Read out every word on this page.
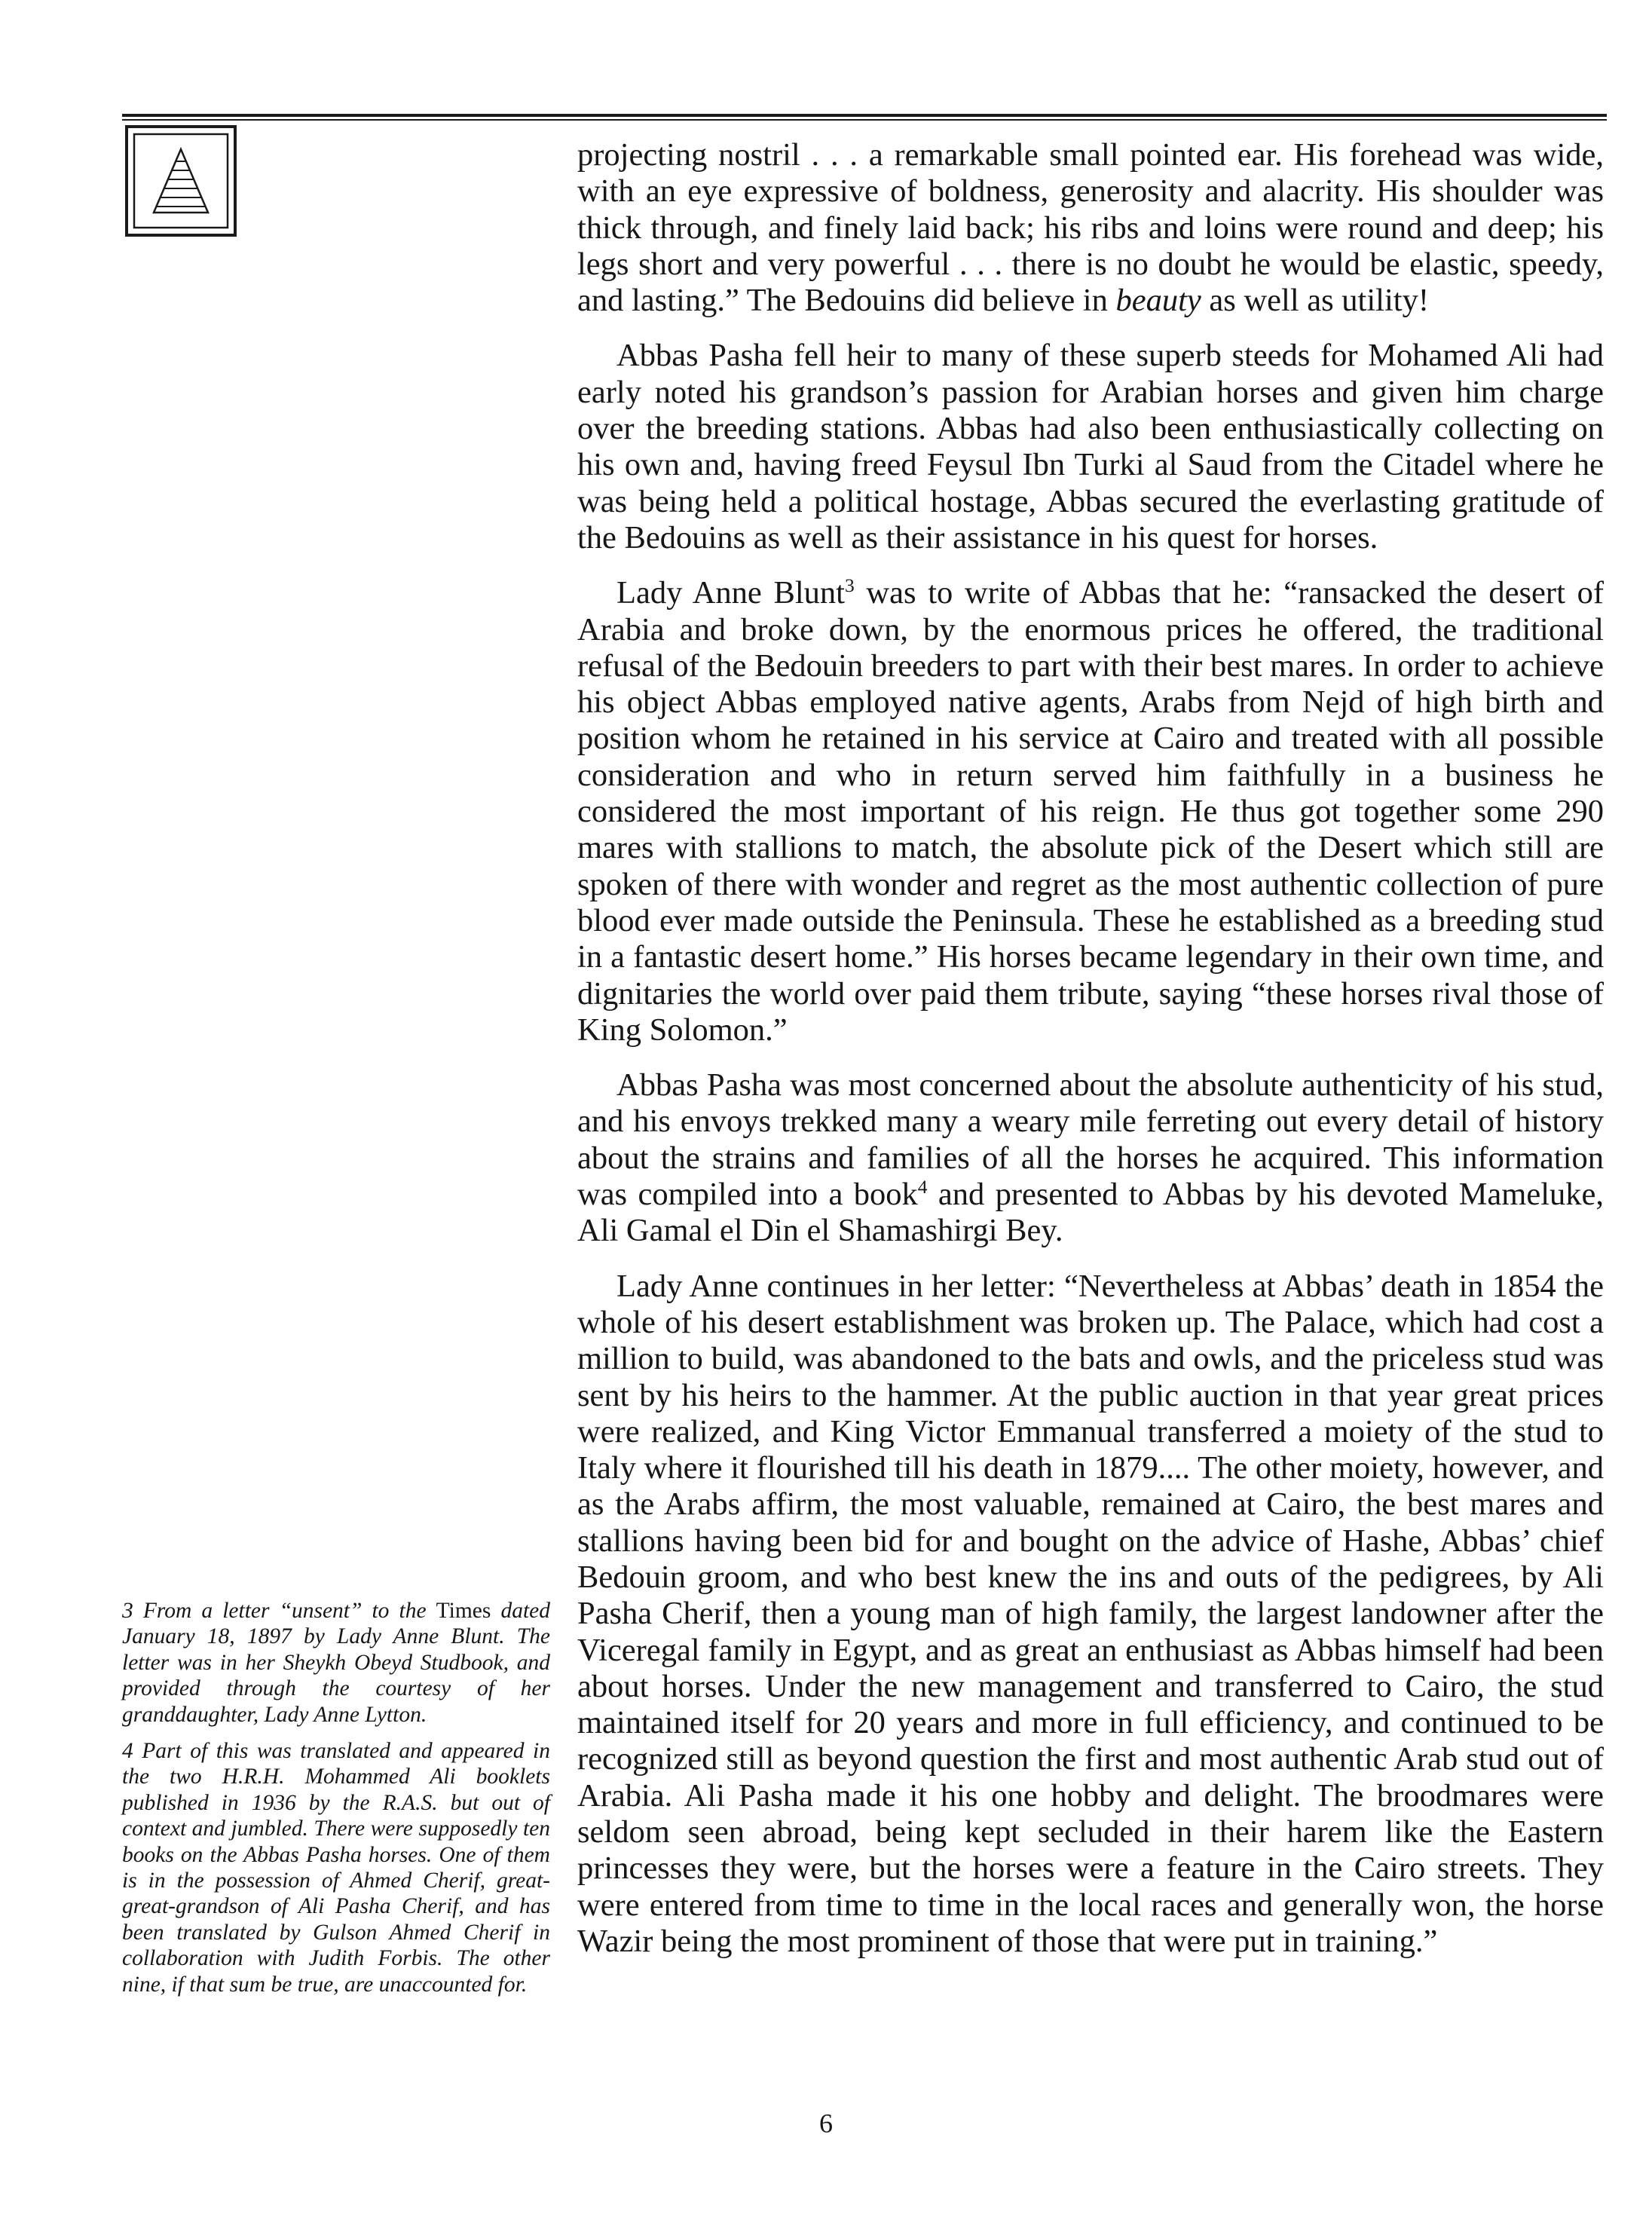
projecting nostril . . . a remarkable small pointed ear. His forehead was wide, with an eye expressive of boldness, generosity and alacrity. His shoulder was thick through, and finely laid back; his ribs and loins were round and deep; his legs short and very powerful . . . there is no doubt he would be elastic, speedy, and lasting.” The Bedouins did believe in beauty as well as utility!

Abbas Pasha fell heir to many of these superb steeds for Mohamed Ali had early noted his grandson’s passion for Arabian horses and given him charge over the breeding stations. Abbas had also been enthusiastically collecting on his own and, having freed Feysul Ibn Turki al Saud from the Citadel where he was being held a political hostage, Abbas secured the everlasting gratitude of the Bedouins as well as their assistance in his quest for horses.

Lady Anne Blunt$^3$ was to write of Abbas that he: “ransacked the desert of Arabia and broke down, by the enormous prices he offered, the traditional refusal of the Bedouin breeders to part with their best mares. In order to achieve his object Abbas employed native agents, Arabs from Nejd of high birth and position whom he retained in his service at Cairo and treated with all possible consideration and who in return served him faithfully in a business he considered the most important of his reign. He thus got together some 290 mares with stallions to match, the absolute pick of the Desert which still are spoken of there with wonder and regret as the most authentic collection of pure blood ever made outside the Peninsula. These he established as a breeding stud in a fantastic desert home.” His horses became legendary in their own time, and dignitaries the world over paid them tribute, saying “these horses rival those of King Solomon.”

Abbas Pasha was most concerned about the absolute authenticity of his stud, and his envoys trekked many a weary mile ferreting out every detail of history about the strains and families of all the horses he acquired. This information was compiled into a book$^4$ and presented to Abbas by his devoted Mameluke, Ali Gamal el Din el Shamashirgi Bey.

Lady Anne continues in her letter: “Nevertheless at Abbas’ death in 1854 the whole of his desert establishment was broken up. The Palace, which had cost a million to build, was abandoned to the bats and owls, and the priceless stud was sent by his heirs to the hammer. At the public auction in that year great prices were realized, and King Victor Emmanual transferred a moiety of the stud to Italy where it flourished till his death in 1879.... The other moiety, however, and as the Arabs affirm, the most valuable, remained at Cairo, the best mares and stallions having been bid for and bought on the advice of Hashe, Abbas’ chief Bedouin groom, and who best knew the ins and outs of the pedigrees, by Ali Pasha Cherif, then a young man of high family, the largest landowner after the Viceregal family in Egypt, and as great an enthusiast as Abbas himself had been about horses. Under the new management and transferred to Cairo, the stud maintained itself for 20 years and more in full efficiency, and continued to be recognized still as beyond question the first and most authentic Arab stud out of Arabia. Ali Pasha made it his one hobby and delight. The broodmares were seldom seen abroad, being kept secluded in their harem like the Eastern princesses they were, but the horses were a feature in the Cairo streets. They were entered from time to time in the local races and generally won, the horse Wazir being the most prominent of those that were put in training.”

3 From a letter “unsent” to the Times dated January 18, 1897 by Lady Anne Blunt. The letter was in her Sheykh Obeyd Studbook, and provided through the courtesy of her granddaughter, Lady Anne Lytton.

4 Part of this was translated and appeared in the two H.R.H. Mohammed Ali booklets published in 1936 by the R.A.S. but out of context and jumbled. There were supposedly ten books on the Abbas Pasha horses. One of them is in the possession of Ahmed Cherif, great-great-grandson of Ali Pasha Cherif, and has been translated by Gulson Ahmed Cherif in collaboration with Judith Forbis. The other nine, if that sum be true, are unaccounted for.

6
